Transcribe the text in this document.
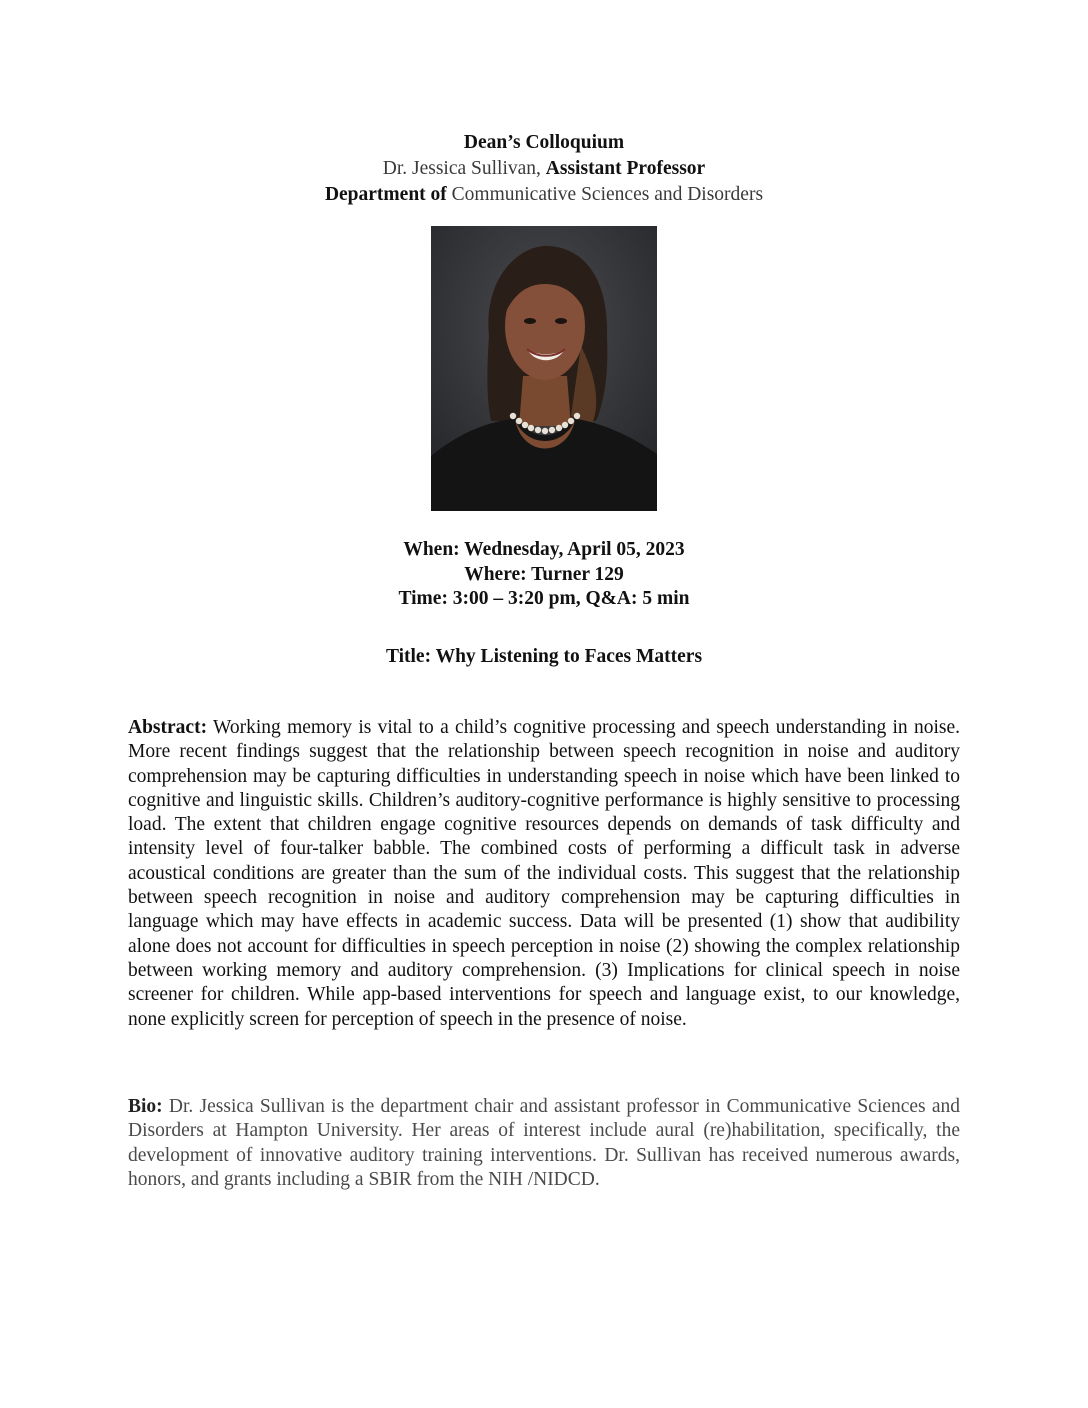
Dean’s Colloquium
Dr. Jessica Sullivan, Assistant Professor
Department of Communicative Sciences and Disorders
When: Wednesday, April 05, 2023
Where: Turner 129
Time: 3:00 – 3:20 pm, Q&A: 5 min
Title: Why Listening to Faces Matters
Abstract: Working memory is vital to a child’s cognitive processing and speech understanding in noise. More recent findings suggest that the relationship between speech recognition in noise and auditory comprehension may be capturing difficulties in understanding speech in noise which have been linked to cognitive and linguistic skills. Children’s auditory-cognitive performance is highly sensitive to processing load. The extent that children engage cognitive resources depends on demands of task difficulty and intensity level of four-talker babble. The combined costs of performing a difficult task in adverse acoustical conditions are greater than the sum of the individual costs. This suggest that the relationship between speech recognition in noise and auditory comprehension may be capturing difficulties in language which may have effects in academic success. Data will be presented (1) show that audibility alone does not account for difficulties in speech perception in noise (2) showing the complex relationship between working memory and auditory comprehension. (3) Implications for clinical speech in noise screener for children. While app-based interventions for speech and language exist, to our knowledge, none explicitly screen for perception of speech in the presence of noise.
Bio: Dr. Jessica Sullivan is the department chair and assistant professor in Communicative Sciences and Disorders at Hampton University. Her areas of interest include aural (re)habilitation, specifically, the development of innovative auditory training interventions. Dr. Sullivan has received numerous awards, honors, and grants including a SBIR from the NIH /NIDCD.
